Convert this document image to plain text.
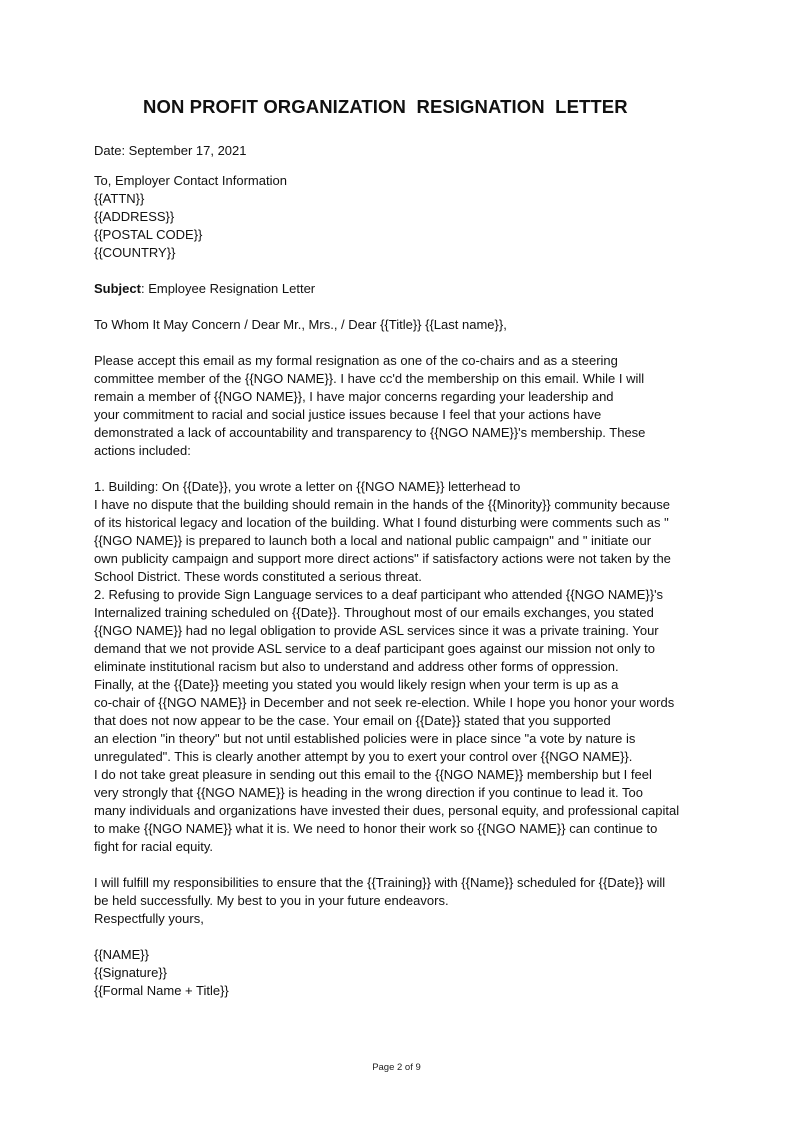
NON PROFIT ORGANIZATION  RESIGNATION  LETTER
Date: September 17, 2021
To, Employer Contact Information
{{ATTN}}
{{ADDRESS}}
{{POSTAL CODE}}
{{COUNTRY}}
Subject: Employee Resignation Letter
To Whom It May Concern / Dear Mr., Mrs., / Dear {{Title}} {{Last name}},
Please accept this email as my formal resignation as one of the co-chairs and as a steering
committee member of the {{NGO NAME}}. I have cc'd the membership on this email. While I will
remain a member of {{NGO NAME}}, I have major concerns regarding your leadership and
your commitment to racial and social justice issues because I feel that your actions have
demonstrated a lack of accountability and transparency to {{NGO NAME}}'s membership. These
actions included:
1. Building: On {{Date}}, you wrote a letter on {{NGO NAME}} letterhead to
I have no dispute that the building should remain in the hands of the {{Minority}} community because
of its historical legacy and location of the building. What I found disturbing were comments such as "
{{NGO NAME}} is prepared to launch both a local and national public campaign" and " initiate our
own publicity campaign and support more direct actions" if satisfactory actions were not taken by the
School District. These words constituted a serious threat.
2. Refusing to provide Sign Language services to a deaf participant who attended {{NGO NAME}}'s
Internalized training scheduled on {{Date}}. Throughout most of our emails exchanges, you stated
{{NGO NAME}} had no legal obligation to provide ASL services since it was a private training. Your
demand that we not provide ASL service to a deaf participant goes against our mission not only to
eliminate institutional racism but also to understand and address other forms of oppression.
Finally, at the {{Date}} meeting you stated you would likely resign when your term is up as a
co-chair of {{NGO NAME}} in December and not seek re-election. While I hope you honor your words
that does not now appear to be the case. Your email on {{Date}} stated that you supported
an election "in theory" but not until established policies were in place since "a vote by nature is
unregulated". This is clearly another attempt by you to exert your control over {{NGO NAME}}.
I do not take great pleasure in sending out this email to the {{NGO NAME}} membership but I feel
very strongly that {{NGO NAME}} is heading in the wrong direction if you continue to lead it. Too
many individuals and organizations have invested their dues, personal equity, and professional capital
to make {{NGO NAME}} what it is. We need to honor their work so {{NGO NAME}} can continue to
fight for racial equity.
I will fulfill my responsibilities to ensure that the {{Training}} with {{Name}} scheduled for {{Date}} will
be held successfully. My best to you in your future endeavors.
Respectfully yours,
{{NAME}}
{{Signature}}
{{Formal Name + Title}}
Page 2 of 9
